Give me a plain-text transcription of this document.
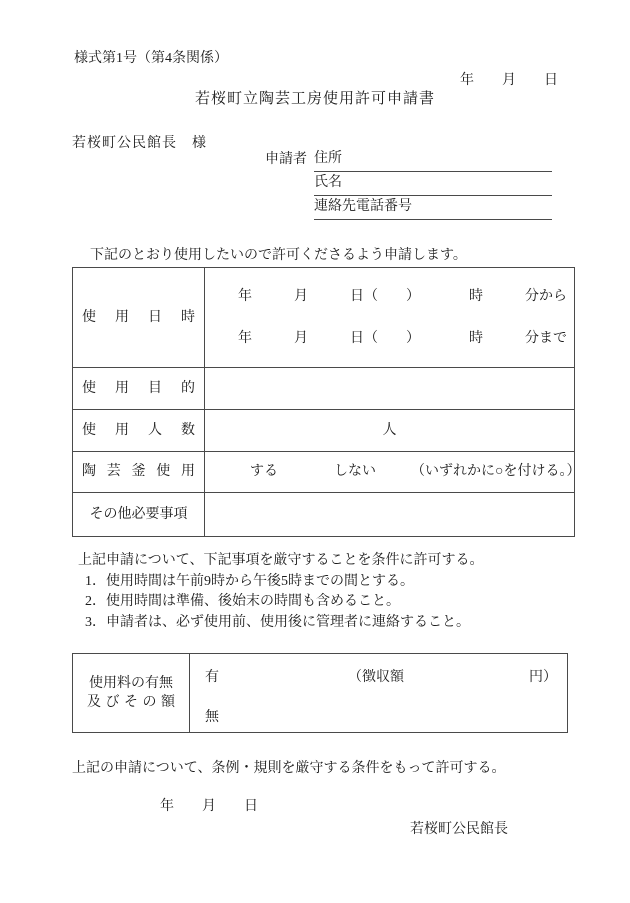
様式第1号（第4条関係）
年　　月　　日
若桜町立陶芸工房使用許可申請書
若桜町公民館長　様
申請者 住所
氏名
連絡先電話番号
下記のとおり使用したいので許可くださるよう申請します。
使 用 日 時
年　　　月　　　日（　　）　　　　時　　　分から
年　　　月　　　日（　　）　　　　時　　　分まで
使 用 目 的
使 用 人 数	人
陶 芸 釜 使 用	する　　　　しない　　　（いずれかに○を付ける。）
その他必要事項
上記申請について、下記事項を厳守することを条件に許可する。
1．使用時間は午前9時から午後5時までの間とする。
2．使用時間は準備、後始末の時間も含めること。
3．申請者は、必ず使用前、使用後に管理者に連絡すること。
使用料の有無
及 び そ の 額
有	（徴収額	円）
無
上記の申請について、条例・規則を厳守する条件をもって許可する。
年　　月　　日
若桜町公民館長
